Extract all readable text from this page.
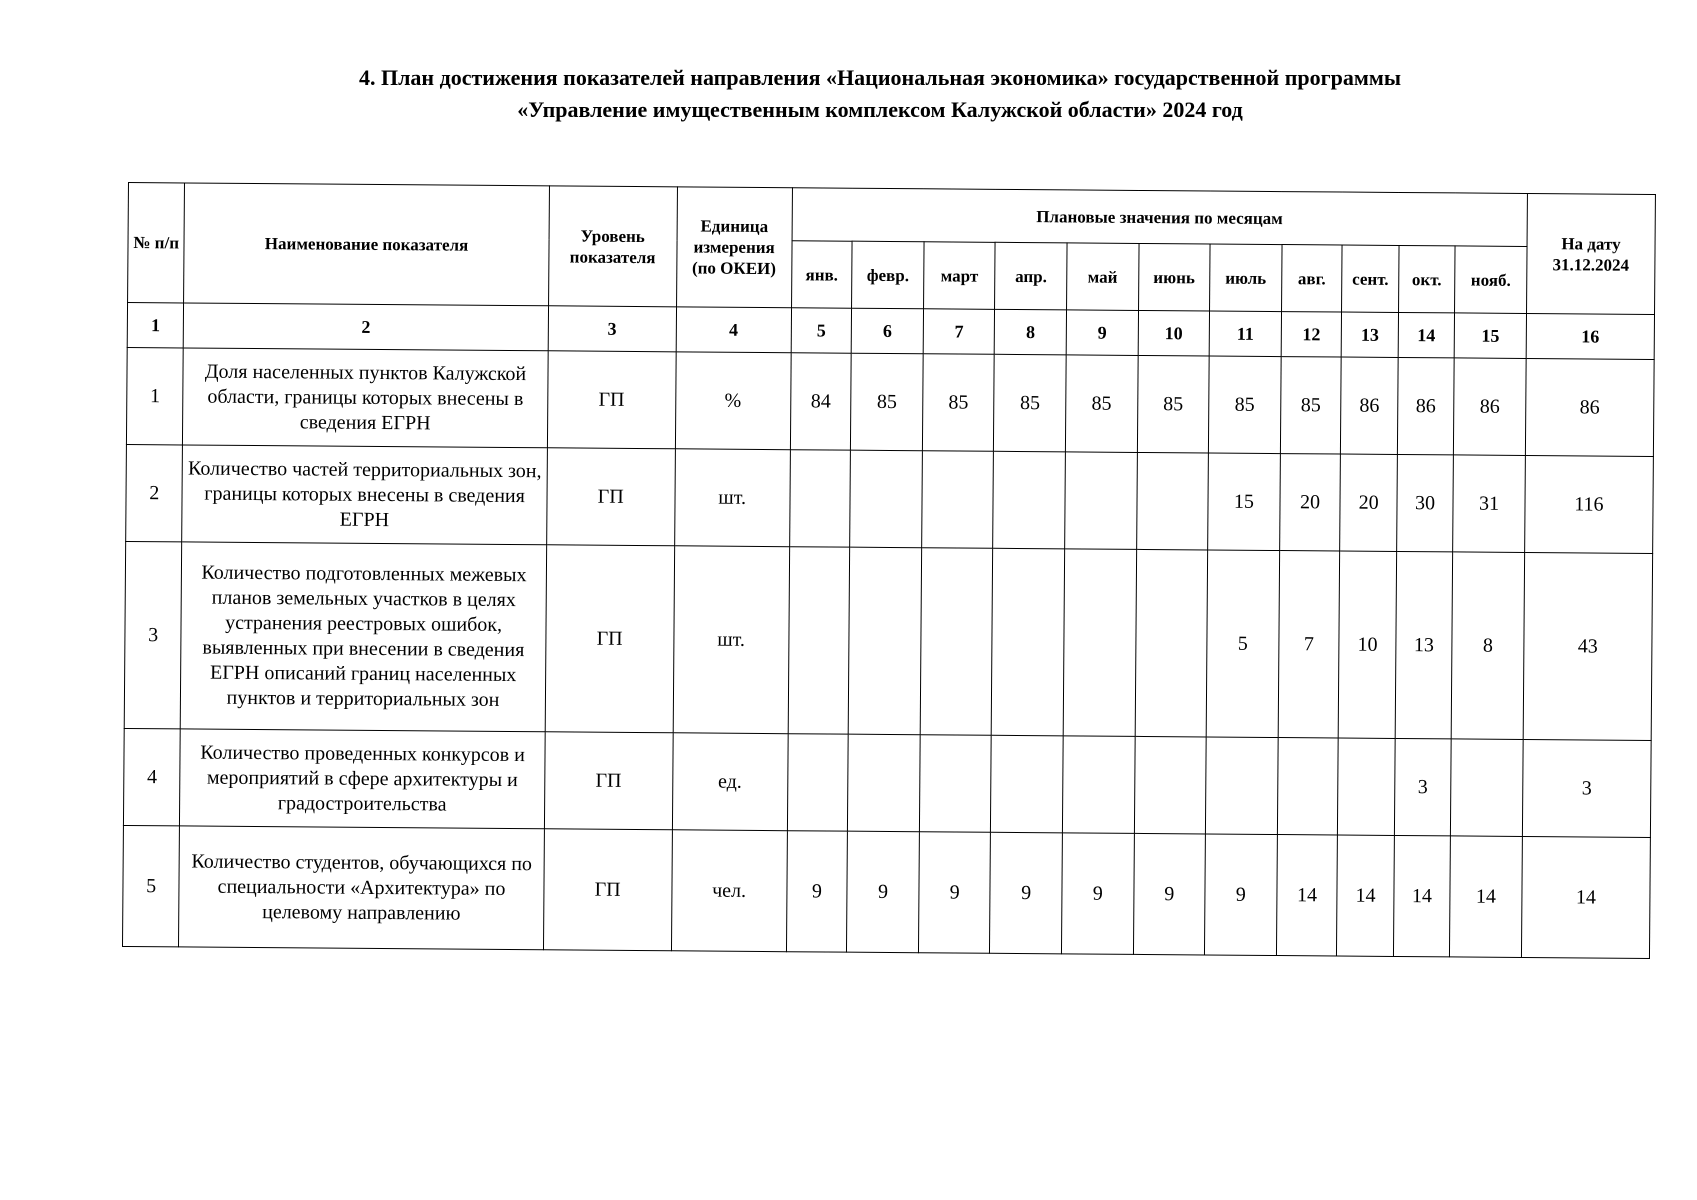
4. План достижения показателей направления «Национальная экономика» государственной программы
«Управление имущественным комплексом Калужской области» 2024 год
№ п/п	Наименование показателя	Уровень показателя	Единица измерения (по ОКЕИ)	Плановые значения по месяцам											На дату 31.12.2024
				янв.	февр.	март	апр.	май	июнь	июль	авг.	сент.	окт.	нояб.	
1	2	3	4	5	6	7	8	9	10	11	12	13	14	15	16
1	Доля населенных пунктов Калужской области, границы которых внесены в сведения ЕГРН	ГП	%	84	85	85	85	85	85	85	85	86	86	86	86
2	Количество частей территориальных зон, границы которых внесены в сведения ЕГРН	ГП	шт.							15	20	20	30	31	116
3	Количество подготовленных межевых планов земельных участков в целях устранения реестровых ошибок, выявленных при внесении в сведения ЕГРН описаний границ населенных пунктов и территориальных зон	ГП	шт.							5	7	10	13	8	43
4	Количество проведенных конкурсов и мероприятий в сфере архитектуры и градостроительства	ГП	ед.										3		3
5	Количество студентов, обучающихся по специальности «Архитектура» по целевому направлению	ГП	чел.	9	9	9	9	9	9	9	14	14	14	14	14
